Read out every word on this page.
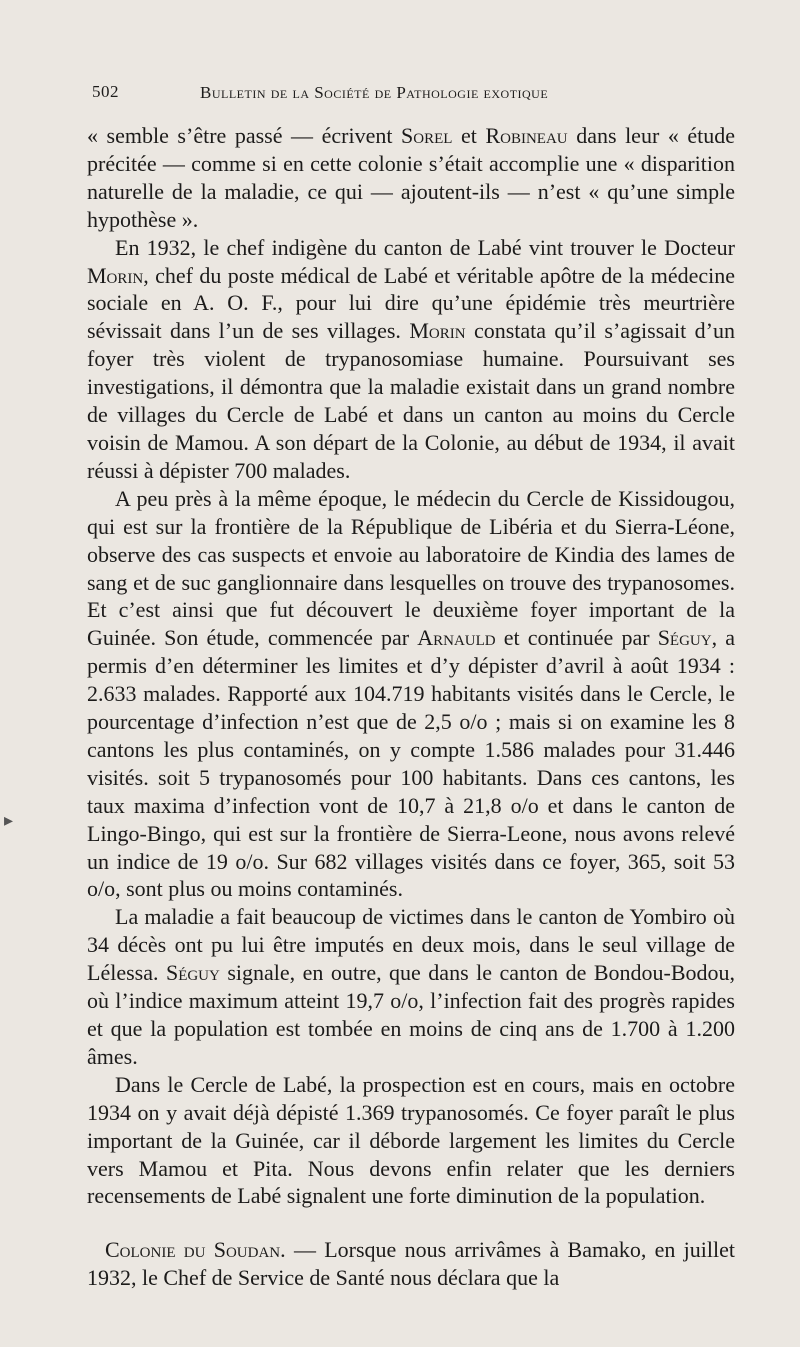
502	Bulletin de la Société de Pathologie exotique

« semble s’être passé — écrivent Sorel et Robineau dans leur « étude précitée — comme si en cette colonie s’était accomplie une « disparition naturelle de la maladie, ce qui — ajoutent-ils — n’est « qu’une simple hypothèse ».

En 1932, le chef indigène du canton de Labé vint trouver le Docteur Morin, chef du poste médical de Labé et véritable apôtre de la médecine sociale en A. O. F., pour lui dire qu’une épidémie très meurtrière sévissait dans l’un de ses villages. Morin constata qu’il s’agissait d’un foyer très violent de trypanosomiase humaine. Poursuivant ses investigations, il démontra que la maladie existait dans un grand nombre de villages du Cercle de Labé et dans un canton au moins du Cercle voisin de Mamou. A son départ de la Colonie, au début de 1934, il avait réussi à dépister 700 malades.

A peu près à la même époque, le médecin du Cercle de Kissidougou, qui est sur la frontière de la République de Libéria et du Sierra-Léone, observe des cas suspects et envoie au laboratoire de Kindia des lames de sang et de suc ganglionnaire dans lesquelles on trouve des trypanosomes. Et c’est ainsi que fut découvert le deuxième foyer important de la Guinée. Son étude, commencée par Arnauld et continuée par Séguy, a permis d’en déterminer les limites et d’y dépister d’avril à août 1934 : 2.633 malades. Rapporté aux 104.719 habitants visités dans le Cercle, le pourcentage d’infection n’est que de 2,5 o/o ; mais si on examine les 8 cantons les plus contaminés, on y compte 1.586 malades pour 31.446 visités. soit 5 trypanosomés pour 100 habitants. Dans ces cantons, les taux maxima d’infection vont de 10,7 à 21,8 o/o et dans le canton de Lingo-Bingo, qui est sur la frontière de Sierra-Leone, nous avons relevé un indice de 19 o/o. Sur 682 villages visités dans ce foyer, 365, soit 53 o/o, sont plus ou moins contaminés.

La maladie a fait beaucoup de victimes dans le canton de Yombiro où 34 décès ont pu lui être imputés en deux mois, dans le seul village de Lélessa. Séguy signale, en outre, que dans le canton de Bondou-Bodou, où l’indice maximum atteint 19,7 o/o, l’infection fait des progrès rapides et que la population est tombée en moins de cinq ans de 1.700 à 1.200 âmes.

Dans le Cercle de Labé, la prospection est en cours, mais en octobre 1934 on y avait déjà dépisté 1.369 trypanosomés. Ce foyer paraît le plus important de la Guinée, car il déborde largement les limites du Cercle vers Mamou et Pita. Nous devons enfin relater que les derniers recensements de Labé signalent une forte diminution de la population.

Colonie du Soudan. — Lorsque nous arrivâmes à Bamako, en juillet 1932, le Chef de Service de Santé nous déclara que la

▸
